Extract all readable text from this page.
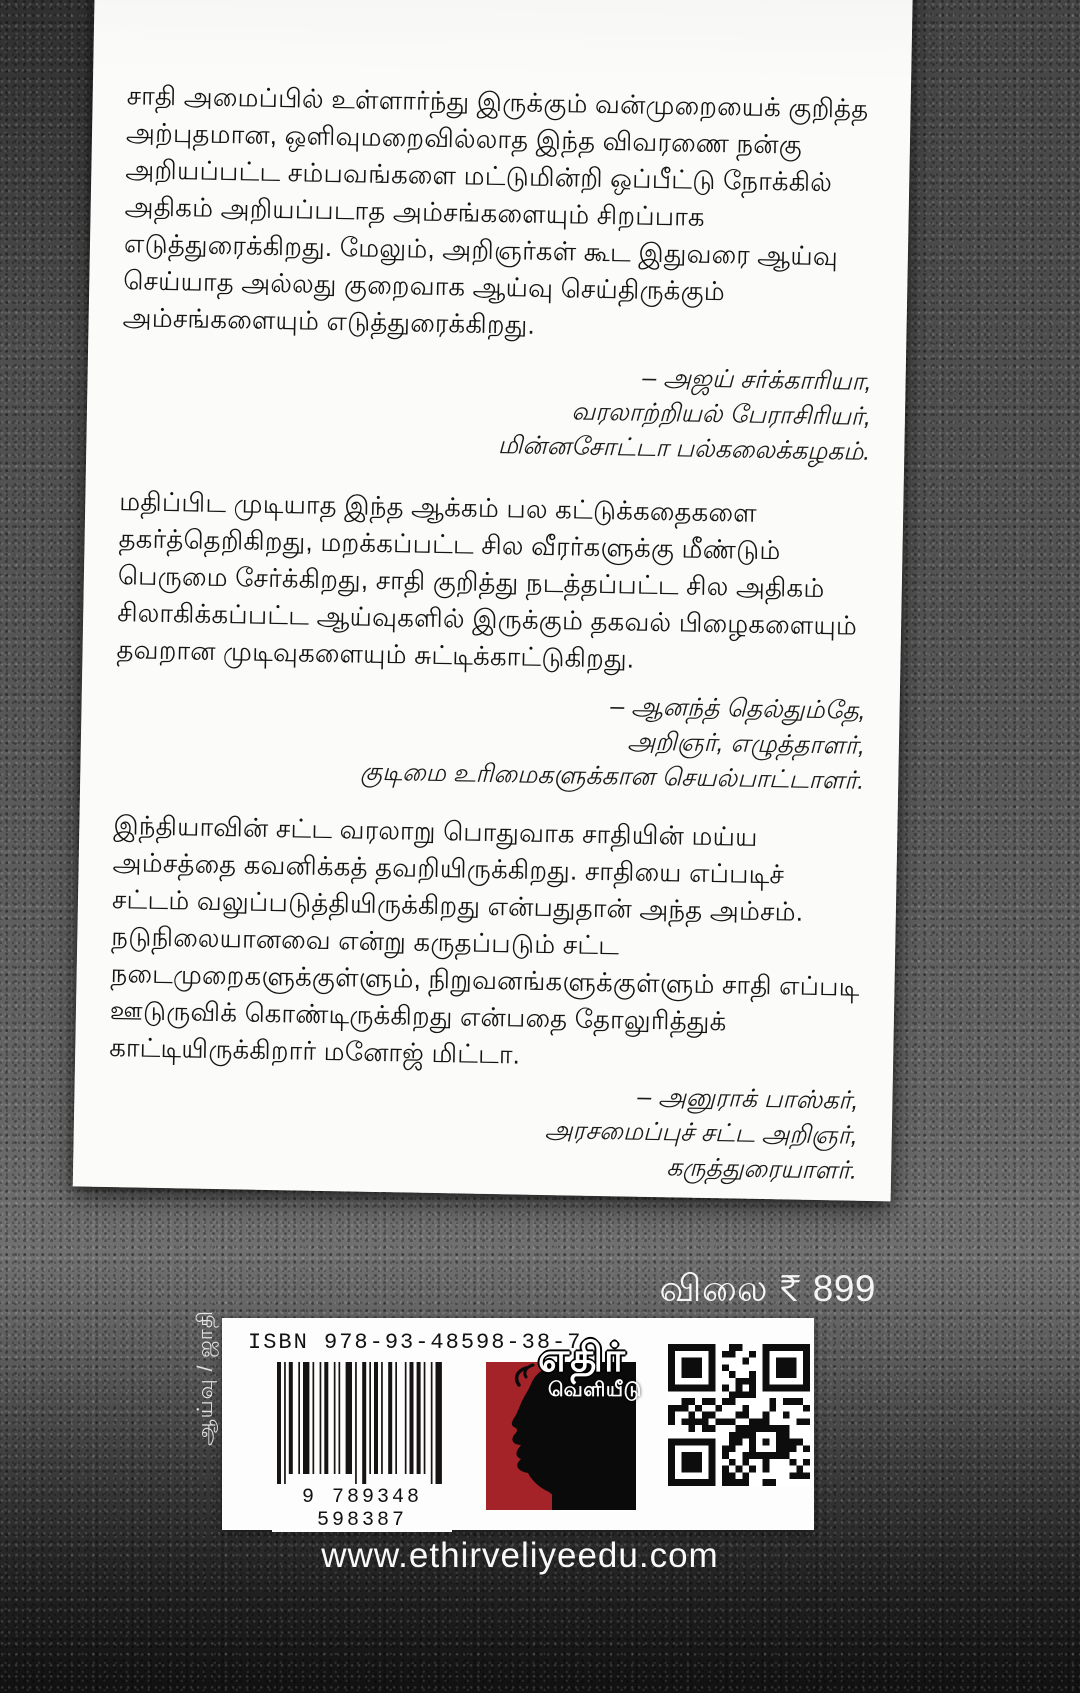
சாதி அமைப்பில் உள்ளார்ந்து இருக்கும் வன்முறையைக் குறித்த
அற்புதமான, ஒளிவுமறைவில்லாத இந்த விவரணை நன்கு
அறியப்பட்ட சம்பவங்களை மட்டுமின்றி ஒப்பீட்டு நோக்கில்
அதிகம் அறியப்படாத அம்சங்களையும் சிறப்பாக
எடுத்துரைக்கிறது. மேலும், அறிஞர்கள் கூட இதுவரை ஆய்வு
செய்யாத அல்லது குறைவாக ஆய்வு செய்திருக்கும்
அம்சங்களையும் எடுத்துரைக்கிறது.
– அஜய் சர்க்காரியா,
வரலாற்றியல் பேராசிரியர்,
மின்னசோட்டா பல்கலைக்கழகம்.
மதிப்பிட முடியாத இந்த ஆக்கம் பல கட்டுக்கதைகளை
தகர்த்தெறிகிறது, மறக்கப்பட்ட சில வீரர்களுக்கு மீண்டும்
பெருமை சேர்க்கிறது, சாதி குறித்து நடத்தப்பட்ட சில அதிகம்
சிலாகிக்கப்பட்ட ஆய்வுகளில் இருக்கும் தகவல் பிழைகளையும்
தவறான முடிவுகளையும் சுட்டிக்காட்டுகிறது.
– ஆனந்த் தெல்தும்தே,
அறிஞர், எழுத்தாளர்,
குடிமை உரிமைகளுக்கான செயல்பாட்டாளர்.
இந்தியாவின் சட்ட வரலாறு பொதுவாக சாதியின் மய்ய
அம்சத்தை கவனிக்கத் தவறியிருக்கிறது. சாதியை எப்படிச்
சட்டம் வலுப்படுத்தியிருக்கிறது என்பதுதான் அந்த அம்சம்.
நடுநிலையானவை என்று கருதப்படும் சட்ட
நடைமுறைகளுக்குள்ளும், நிறுவனங்களுக்குள்ளும் சாதி எப்படி
ஊடுருவிக் கொண்டிருக்கிறது என்பதை தோலுரித்துக்
காட்டியிருக்கிறார் மனோஜ் மிட்டா.
– அனுராக் பாஸ்கர்,
அரசமைப்புச் சட்ட அறிஞர்,
கருத்துரையாளர்.
ஆய்வு / ஜாதி
விலை ₹ 899
ISBN 978-93-48598-38-7
9 789348 598387
எதிர்
வெளியீடு
www.ethirveliyeedu.com
